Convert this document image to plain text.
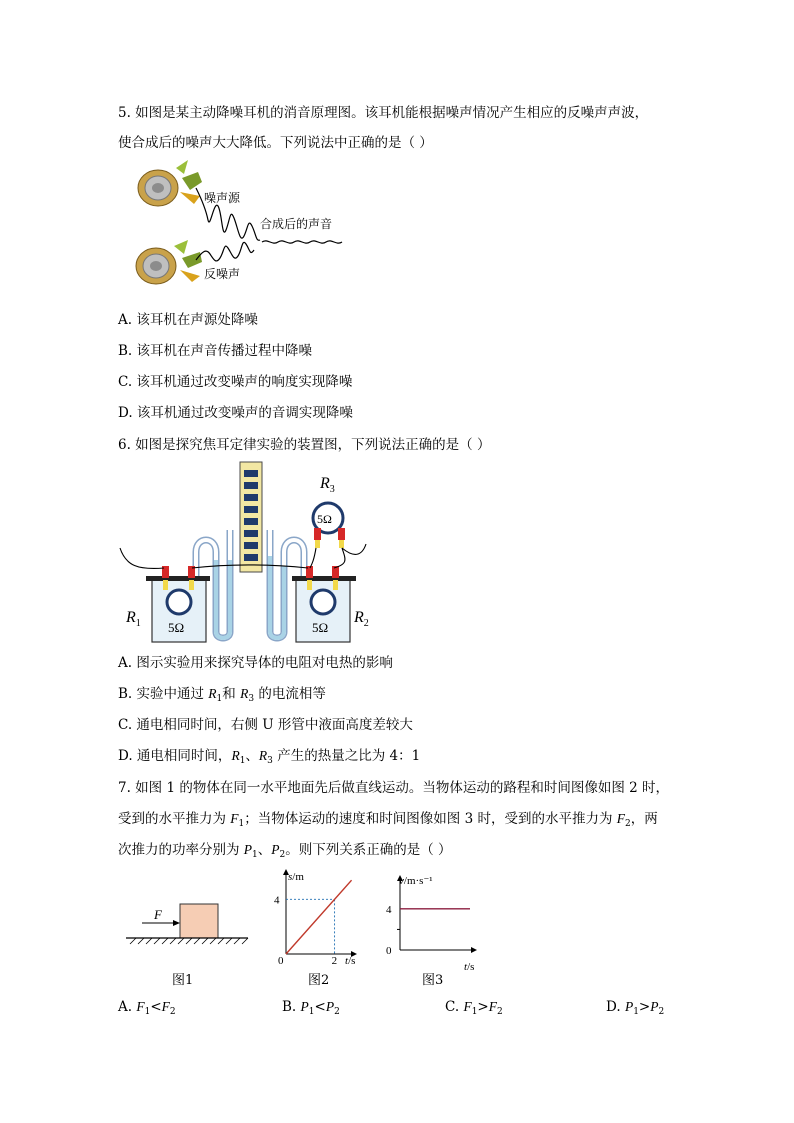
5. 如图是某主动降噪耳机的消音原理图。该耳机能根据噪声情况产生相应的反噪声声波，
使合成后的噪声大大降低。下列说法中正确的是（ ）
噪声源
合成后的声音
反噪声
A. 该耳机在声源处降噪
B. 该耳机在声音传播过程中降噪
C. 该耳机通过改变噪声的响度实现降噪
D. 该耳机通过改变噪声的音调实现降噪
6. 如图是探究焦耳定律实验的装置图，下列说法正确的是（ ）
5Ω
5Ω	5Ω
$R_3$
$R_1$	$R_2$
A. 图示实验用来探究导体的电阻对电热的影响
B. 实验中通过 $R_1$和 $R_3$ 的电流相等
C. 通电相同时间，右侧 U 形管中液面高度差较大
D. 通电相同时间，$R_1$、$R_3$ 产生的热量之比为 4：1
7. 如图 1 的物体在同一水平地面先后做直线运动。当物体运动的路程和时间图像如图 2 时，
受到的水平推力为 $F_1$；当物体运动的速度和时间图像如图 3 时，受到的水平推力为 $F_2$，两
次推力的功率分别为 $P_1$、$P_2$。则下列关系正确的是（ ）
F
图1
4
2
s/m
t/s
0
图2
4
0
v/m·s⁻¹
t/s
图3
A. $F_1<F_2$	B. $P_1<P_2$	C. $F_1>F_2$	D. $P_1>P_2$
